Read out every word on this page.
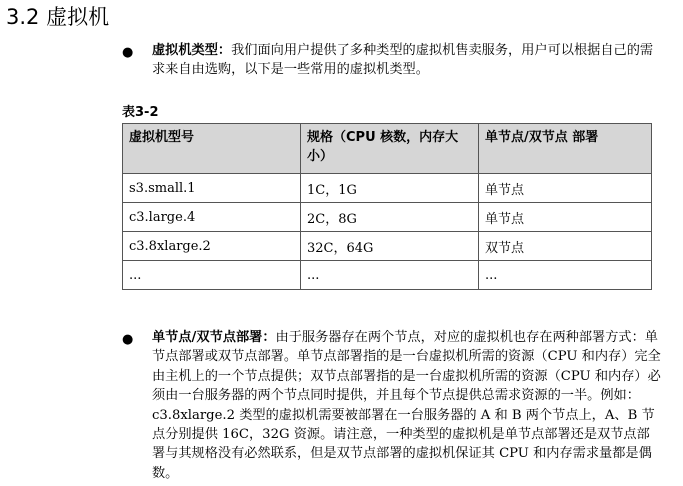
3.2 虚拟机
● 虚拟机类型：我们面向用户提供了多种类型的虚拟机售卖服务，用户可以根据自己的需求来自由选购，以下是一些常用的虚拟机类型。
表3-2
虚拟机型号	规格（CPU 核数，内存大小）	单节点/双节点 部署
s3.small.1	1C，1G	单节点
c3.large.4	2C，8G	单节点
c3.8xlarge.2	32C，64G	双节点
...	...	...
● 单节点/双节点部署：由于服务器存在两个节点，对应的虚拟机也存在两种部署方式：单节点部署或双节点部署。单节点部署指的是一台虚拟机所需的资源（CPU 和内存）完全由主机上的一个节点提供；双节点部署指的是一台虚拟机所需的资源（CPU 和内存）必须由一台服务器的两个节点同时提供，并且每个节点提供总需求资源的一半。例如：c3.8xlarge.2 类型的虚拟机需要被部署在一台服务器的 A 和 B 两个节点上，A、B 节点分别提供 16C，32G 资源。请注意，一种类型的虚拟机是单节点部署还是双节点部署与其规格没有必然联系，但是双节点部署的虚拟机保证其 CPU 和内存需求量都是偶数。
